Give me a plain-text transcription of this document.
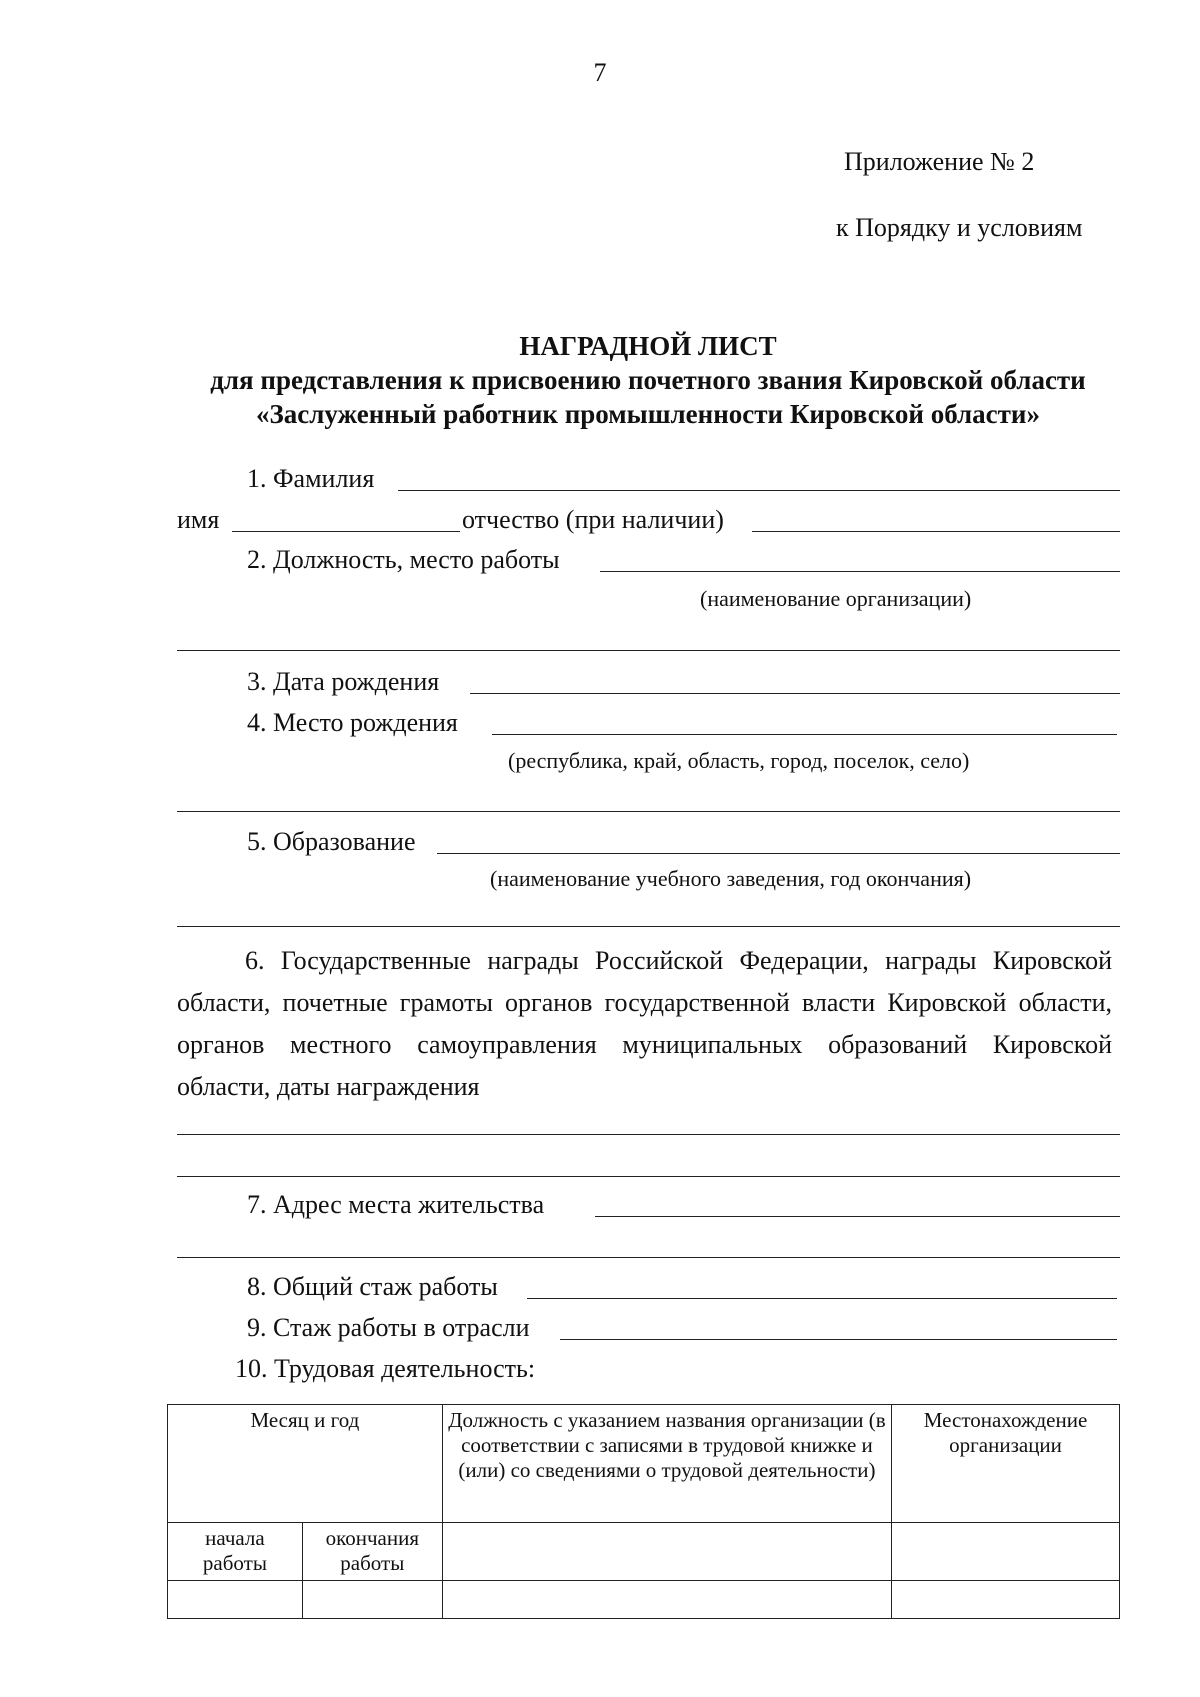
7
Приложение № 2
к Порядку и условиям
НАГРАДНОЙ ЛИСТ
для представления к присвоению почетного звания Кировской области
«Заслуженный работник промышленности Кировской области»
1. Фамилия
имя	отчество (при наличии)
2. Должность, место работы
(наименование организации)
3. Дата рождения
4. Место рождения
(республика, край, область, город, поселок, село)
5. Образование
(наименование учебного заведения, год окончания)
6. Государственные награды Российской Федерации, награды Кировской области, почетные грамоты органов государственной власти Кировской области, органов местного самоуправления муниципальных образований Кировской области, даты награждения
7. Адрес места жительства
8. Общий стаж работы
9. Стаж работы в отрасли
10. Трудовая деятельность:
Месяц и год		Должность с указанием названия организации (в соответствии с записями в трудовой книжке и (или) со сведениями о трудовой деятельности)	Местонахождение организации

начала работы	окончания работы		
